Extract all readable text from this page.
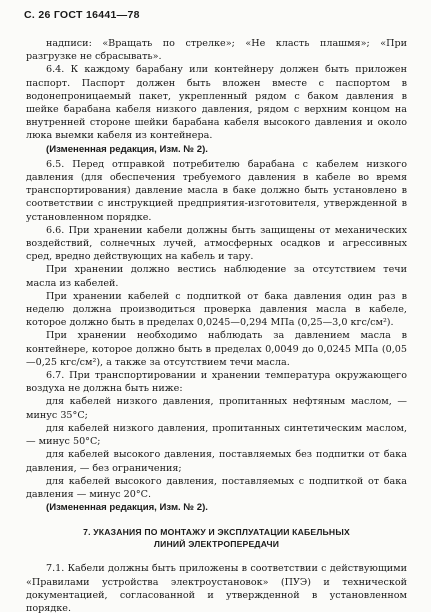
С. 26 ГОСТ 16441—78

надписи: «Вращать по стрелке»; «Не класть плашмя»; «При разгрузке не сбрасывать».

6.4. К каждому барабану или контейнеру должен быть приложен паспорт. Паспорт должен быть вложен вместе с паспортом в водонепроницаемый пакет, укрепленный рядом с баком давления в шейке барабана кабеля низкого давления, рядом с верхним концом на внутренней стороне шейки барабана кабеля высокого давления и около люка выемки кабеля из контейнера.

(Измененная редакция, Изм. № 2).

6.5. Перед отправкой потребителю барабана с кабелем низкого давления (для обеспечения требуемого давления в кабеле во время транспортирования) давление масла в баке должно быть установлено в соответствии с инструкцией предприятия-изготовителя, утвержденной в установленном порядке.

6.6. При хранении кабели должны быть защищены от механических воздействий, солнечных лучей, атмосферных осадков и агрессивных сред, вредно действующих на кабель и тару.

При хранении должно вестись наблюдение за отсутствием течи масла из кабелей.

При хранении кабелей с подпиткой от бака давления один раз в неделю должна производиться проверка давления масла в кабеле, которое должно быть в пределах 0,0245—0,294 МПа (0,25—3,0 кгс/см²).

При хранении необходимо наблюдать за давлением масла в контейнере, которое должно быть в пределах 0,0049 до 0,0245 МПа (0,05—0,25 кгс/см²), а также за отсутствием течи масла.

6.7. При транспортировании и хранении температура окружающего воздуха не должна быть ниже:

для кабелей низкого давления, пропитанных нефтяным маслом, — минус 35°С;

для кабелей низкого давления, пропитанных синтетическим маслом, — минус 50°С;

для кабелей высокого давления, поставляемых без подпитки от бака давления, — без ограничения;

для кабелей высокого давления, поставляемых с подпиткой от бака давления — минус 20°С.

(Измененная редакция, Изм. № 2).

7. УКАЗАНИЯ ПО МОНТАЖУ И ЭКСПЛУАТАЦИИ КАБЕЛЬНЫХ
ЛИНИЙ ЭЛЕКТРОПЕРЕДАЧИ

7.1. Кабели должны быть приложены в соответствии с действующими «Правилами устройства электроустановок» (ПУЭ) и технической документацией, согласованной и утвержденной в установленном порядке.
